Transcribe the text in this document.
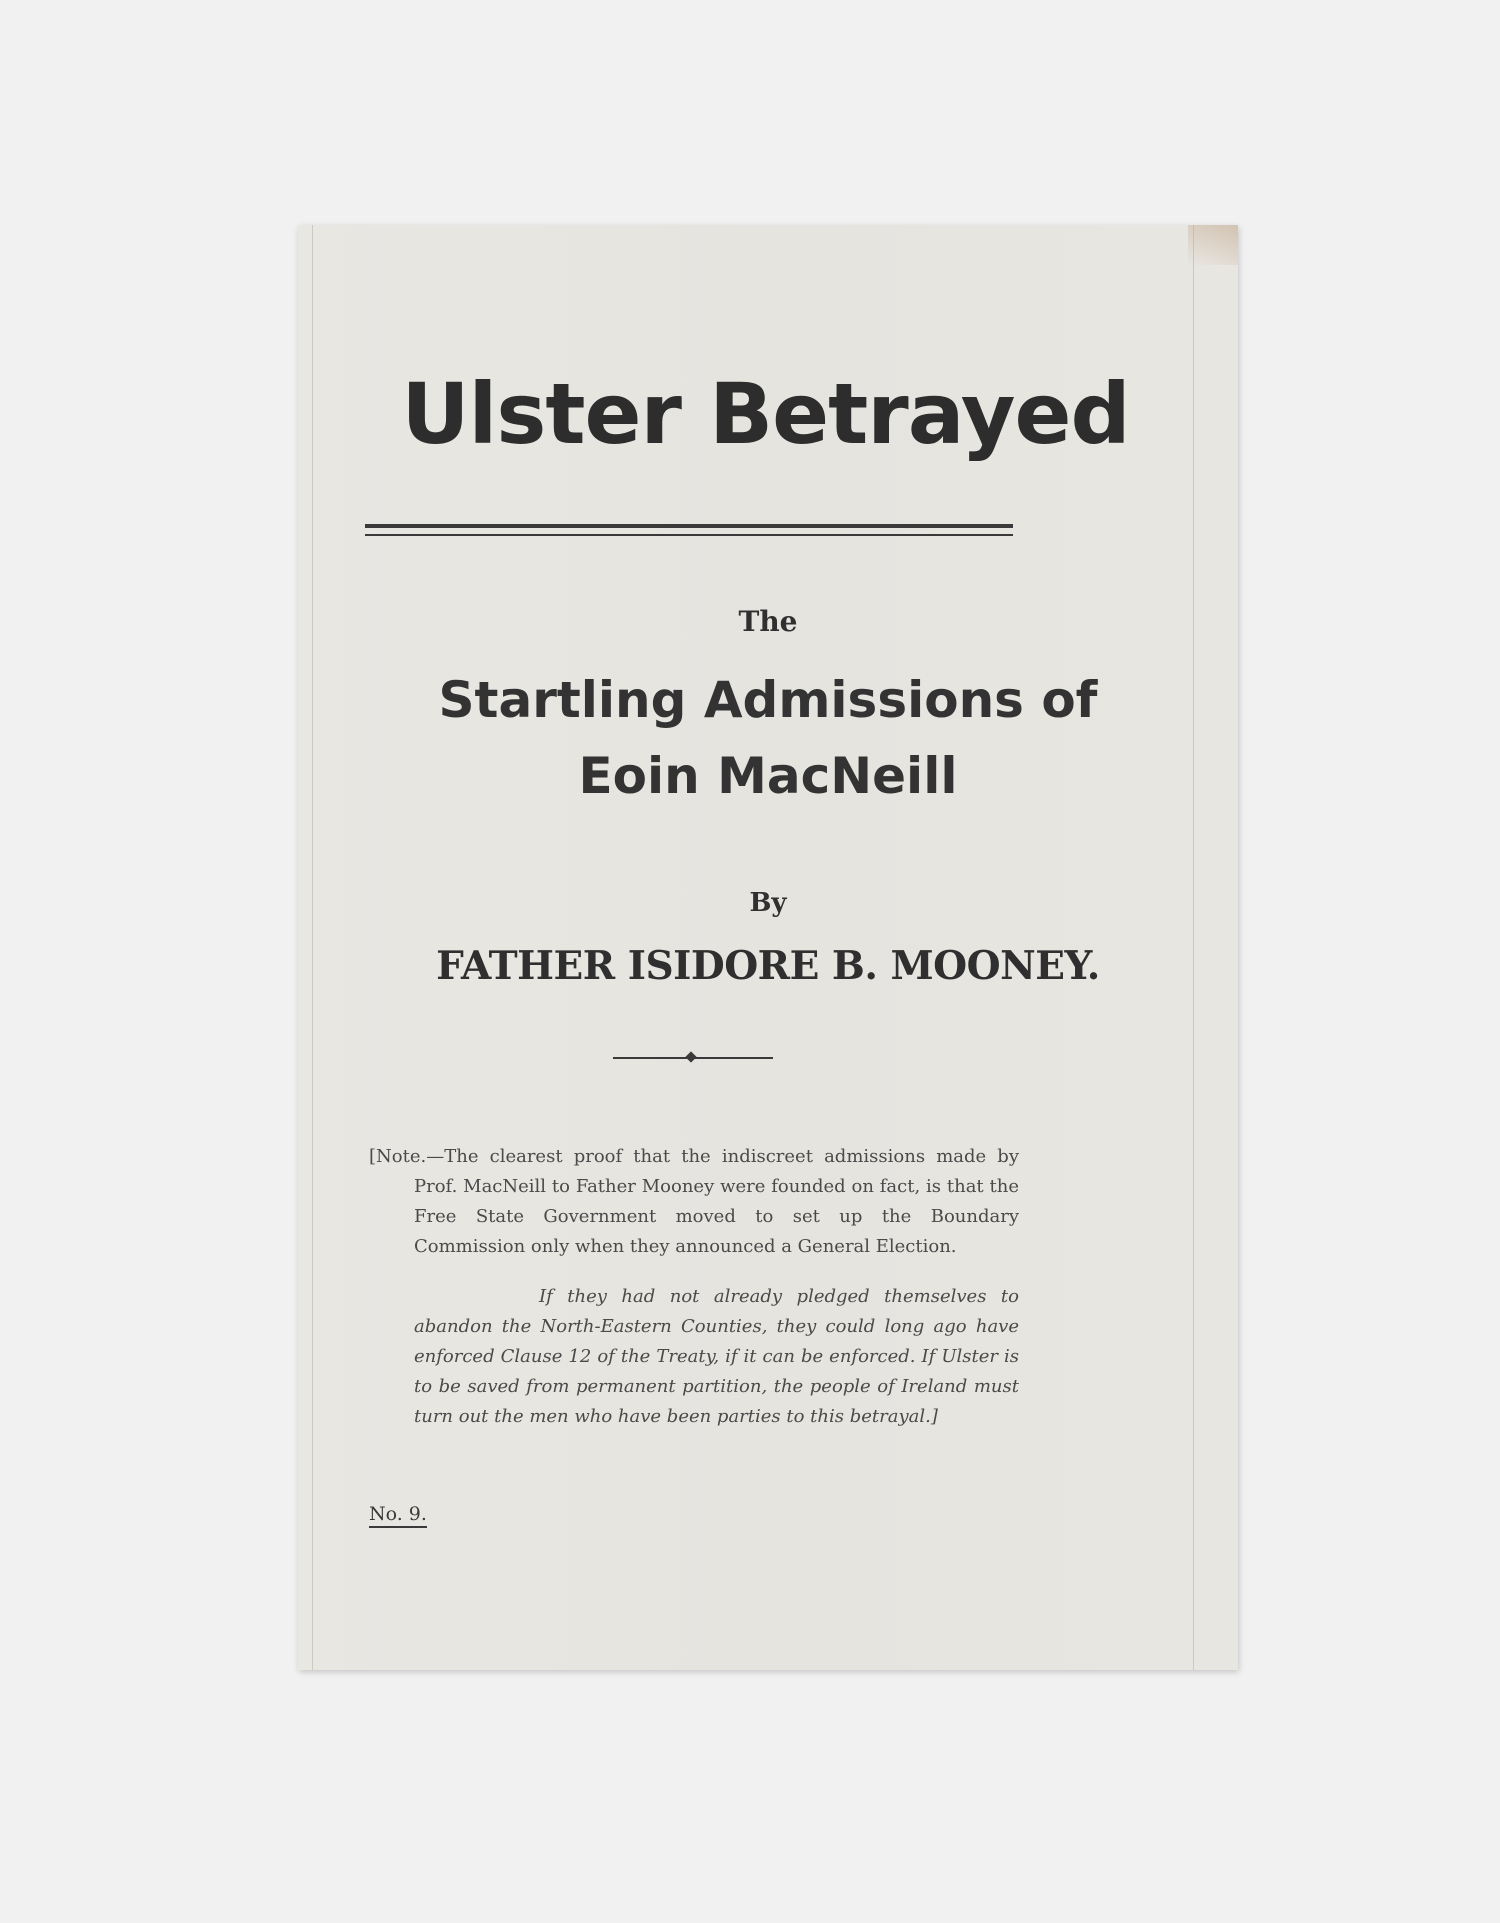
Ulster Betrayed
The
Startling Admissions of
Eoin MacNeill
By
FATHER ISIDORE B. MOONEY.

[Note.—The clearest proof that the indiscreet admissions made by Prof. MacNeill to Father Mooney were founded on fact, is that the Free State Government moved to set up the Boundary Commission only when they announced a General Election.

If they had not already pledged themselves to abandon the North-Eastern Counties, they could long ago have enforced Clause 12 of the Treaty, if it can be enforced. If Ulster is to be saved from permanent partition, the people of Ireland must turn out the men who have been parties to this betrayal.]

No. 9.
